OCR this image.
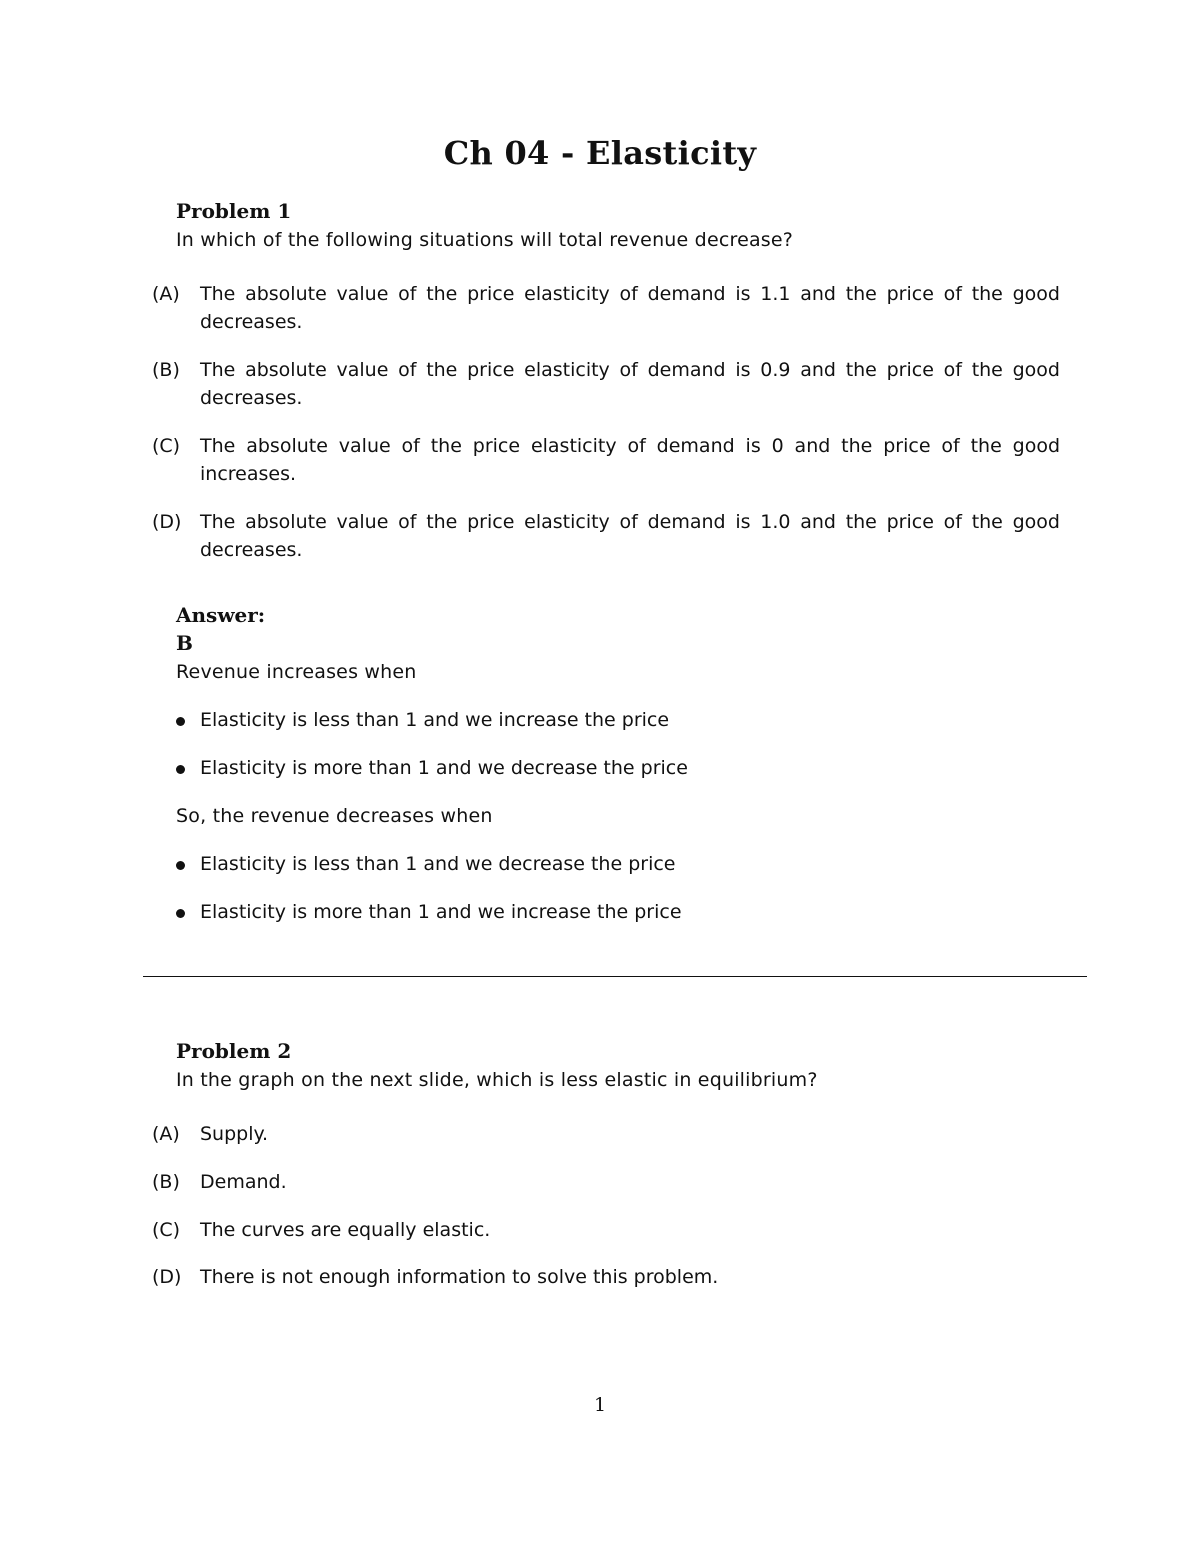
Ch 04 - Elasticity
Problem 1
In which of the following situations will total revenue decrease?
(A) The absolute value of the price elasticity of demand is 1.1 and the price of the good decreases.
(B) The absolute value of the price elasticity of demand is 0.9 and the price of the good decreases.
(C) The absolute value of the price elasticity of demand is 0 and the price of the good increases.
(D) The absolute value of the price elasticity of demand is 1.0 and the price of the good decreases.
Answer:
B
Revenue increases when
Elasticity is less than 1 and we increase the price
Elasticity is more than 1 and we decrease the price
So, the revenue decreases when
Elasticity is less than 1 and we decrease the price
Elasticity is more than 1 and we increase the price
Problem 2
In the graph on the next slide, which is less elastic in equilibrium?
(A) Supply.
(B) Demand.
(C) The curves are equally elastic.
(D) There is not enough information to solve this problem.
1
